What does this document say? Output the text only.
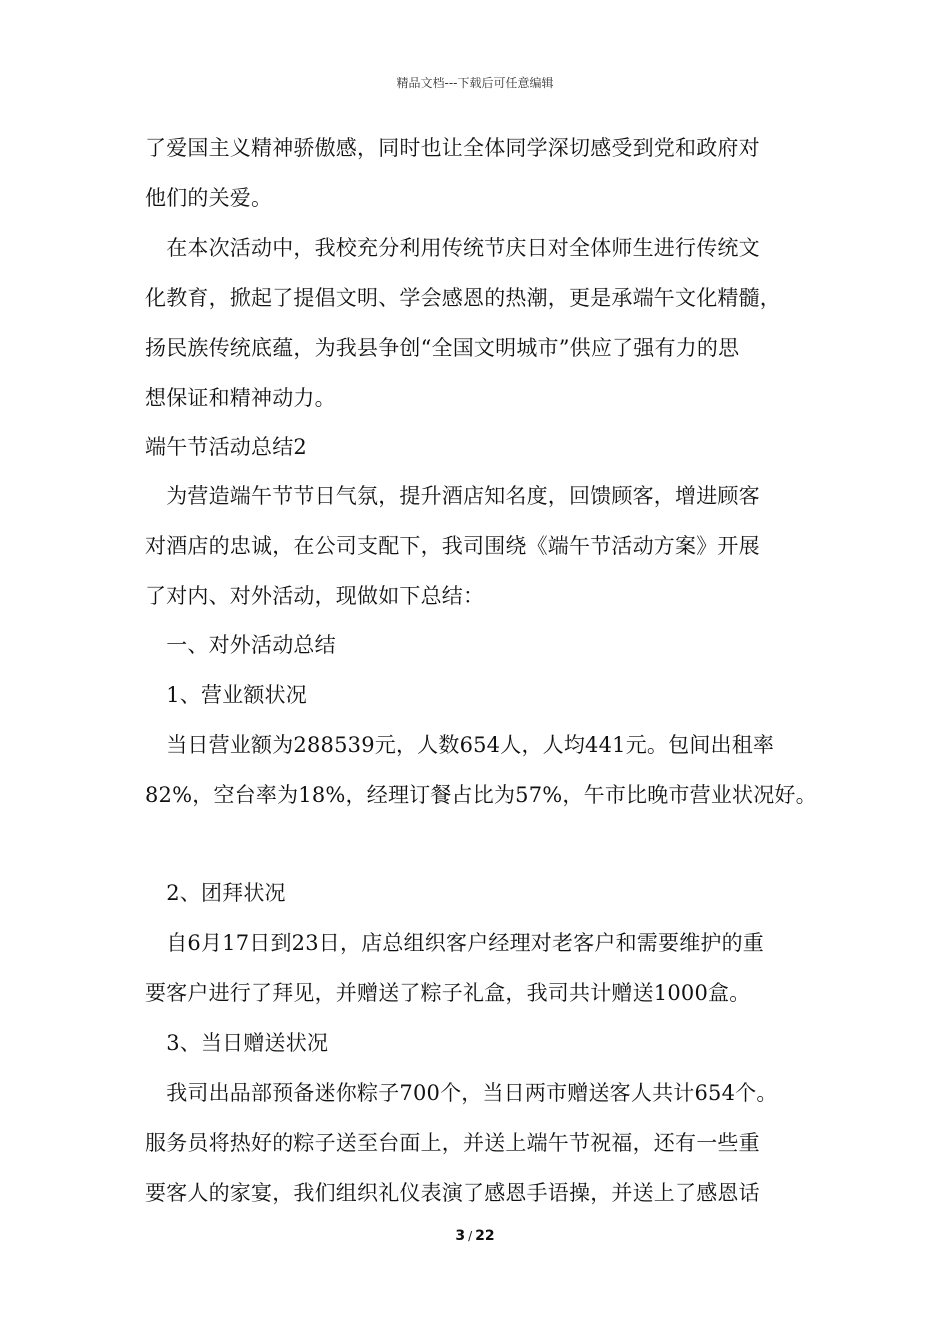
精品文档---下载后可任意编辑
了爱国主义精神骄傲感，同时也让全体同学深切感受到党和政府对
他们的关爱。
　在本次活动中，我校充分利用传统节庆日对全体师生进行传统文
化教育，掀起了提倡文明、学会感恩的热潮，更是承端午文化精髓，
扬民族传统底蕴，为我县争创“全国文明城市”供应了强有力的思
想保证和精神动力。
端午节活动总结2
　为营造端午节节日气氛，提升酒店知名度，回馈顾客，增进顾客
对酒店的忠诚，在公司支配下，我司围绕《端午节活动方案》开展
了对内、对外活动，现做如下总结：
　一、对外活动总结
　1、营业额状况
　当日营业额为288539元，人数654人，人均441元。包间出租率
82%，空台率为18%，经理订餐占比为57%，午市比晚市营业状况好。
　2、团拜状况
　自6月17日到23日，店总组织客户经理对老客户和需要维护的重
要客户进行了拜见，并赠送了粽子礼盒，我司共计赠送1000盒。
　3、当日赠送状况
　我司出品部预备迷你粽子700个，当日两市赠送客人共计654个。
服务员将热好的粽子送至台面上，并送上端午节祝福，还有一些重
要客人的家宴，我们组织礼仪表演了感恩手语操，并送上了感恩话
3 / 22
